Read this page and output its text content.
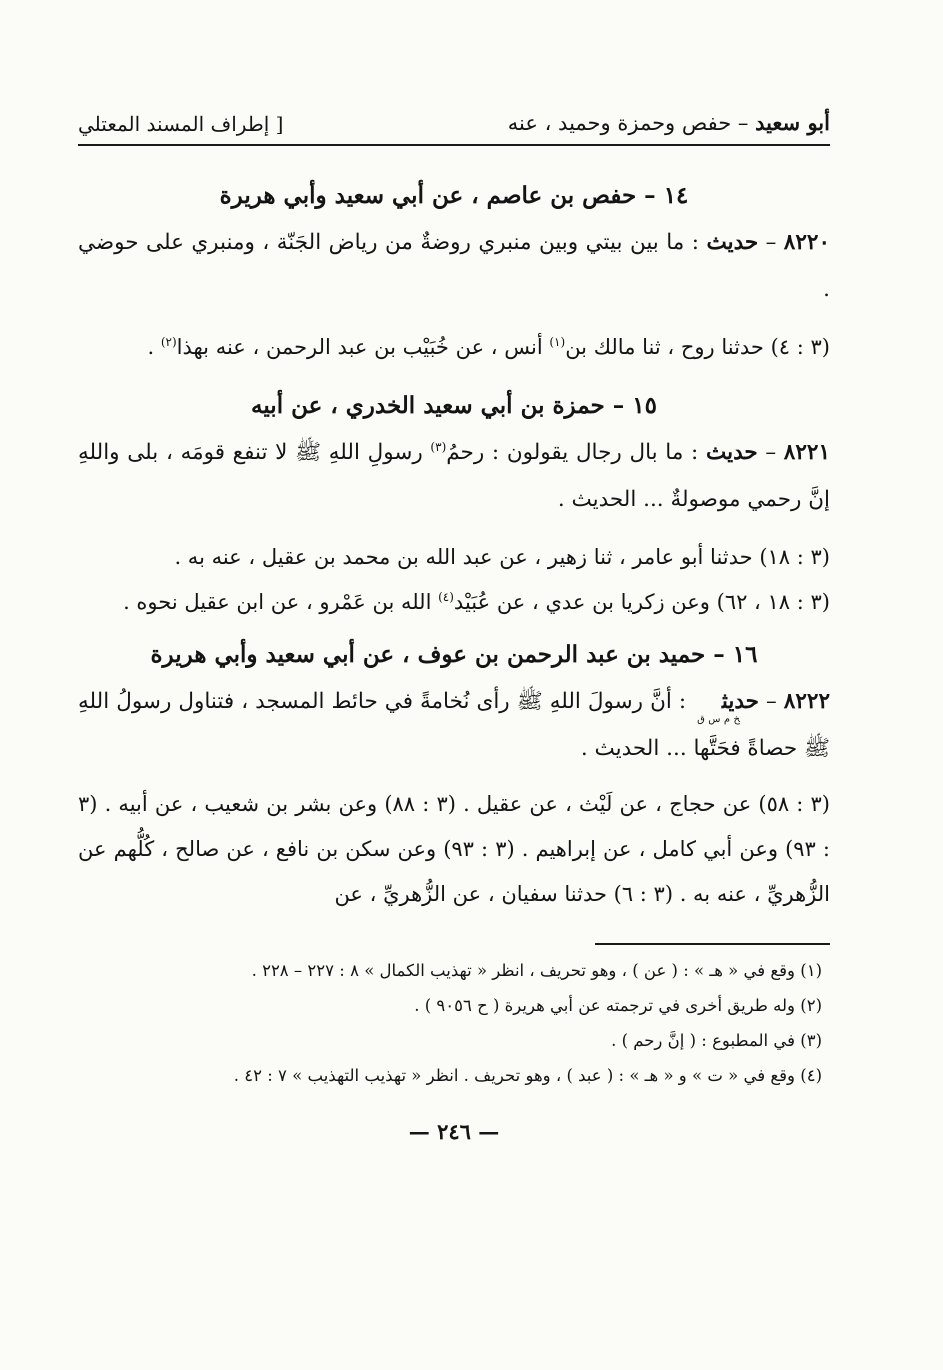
أبو سعيد – حفص وحمزة وحميد ، عنه
[ إطراف المسند المعتلي
١٤ – حفص بن عاصم ، عن أبي سعيد وأبي هريرة
٨٢٢٠ – حديث : ما بين بيتي وبين منبري روضةٌ من رياض الجَنّة ، ومنبري على حوضي .
(٣ : ٤) حدثنا روح ، ثنا مالك بن$^{(١)}$ أنس ، عن خُبَيْب بن عبد الرحمن ، عنه بهذا$^{(٢)}$ .
١٥ – حمزة بن أبي سعيد الخدري ، عن أبيه
٨٢٢١ – حديث : ما بال رجال يقولون : رحمُ$^{(٣)}$ رسولِ اللهِ ﷺ لا تنفع قومَه ، بلى واللهِ إنَّ رحمي موصولةٌ ... الحديث .
(٣ : ١٨) حدثنا أبو عامر ، ثنا زهير ، عن عبد الله بن محمد بن عقيل ، عنه به .
(٣ : ١٨ ، ٦٢) وعن زكريا بن عدي ، عن عُبَيْد$^{(٤)}$ الله بن عَمْرو ، عن ابن عقيل نحوه .
١٦ – حميد بن عبد الرحمن بن عوف ، عن أبي سعيد وأبي هريرة
٨٢٢٢ – حديث$_{خ م س ق}$ : أنَّ رسولَ اللهِ ﷺ رأى نُخامةً في حائط المسجد ، فتناول رسولُ اللهِ ﷺ حصاةً فحَتَّها ... الحديث .
(٣ : ٥٨) عن حجاج ، عن لَيْث ، عن عقيل . (٣ : ٨٨) وعن بشر بن شعيب ، عن أبيه . (٣ : ٩٣) وعن أبي كامل ، عن إبراهيم . (٣ : ٩٣) وعن سكن بن نافع ، عن صالح ، كُلُّهم عن الزُّهريِّ ، عنه به . (٣ : ٦) حدثنا سفيان ، عن الزُّهريِّ ، عن
(١) وقع في « هـ » : ( عن ) ، وهو تحريف ، انظر « تهذيب الكمال » ٨ : ٢٢٧ – ٢٢٨ .
(٢) وله طريق أخرى في ترجمته عن أبي هريرة ( ح ٩٠٥٦ ) .
(٣) في المطبوع : ( إنَّ رحم ) .
(٤) وقع في « ت » و « هـ » : ( عبد ) ، وهو تحريف . انظر « تهذيب التهذيب » ٧ : ٤٢ .
— ٢٤٦ —
